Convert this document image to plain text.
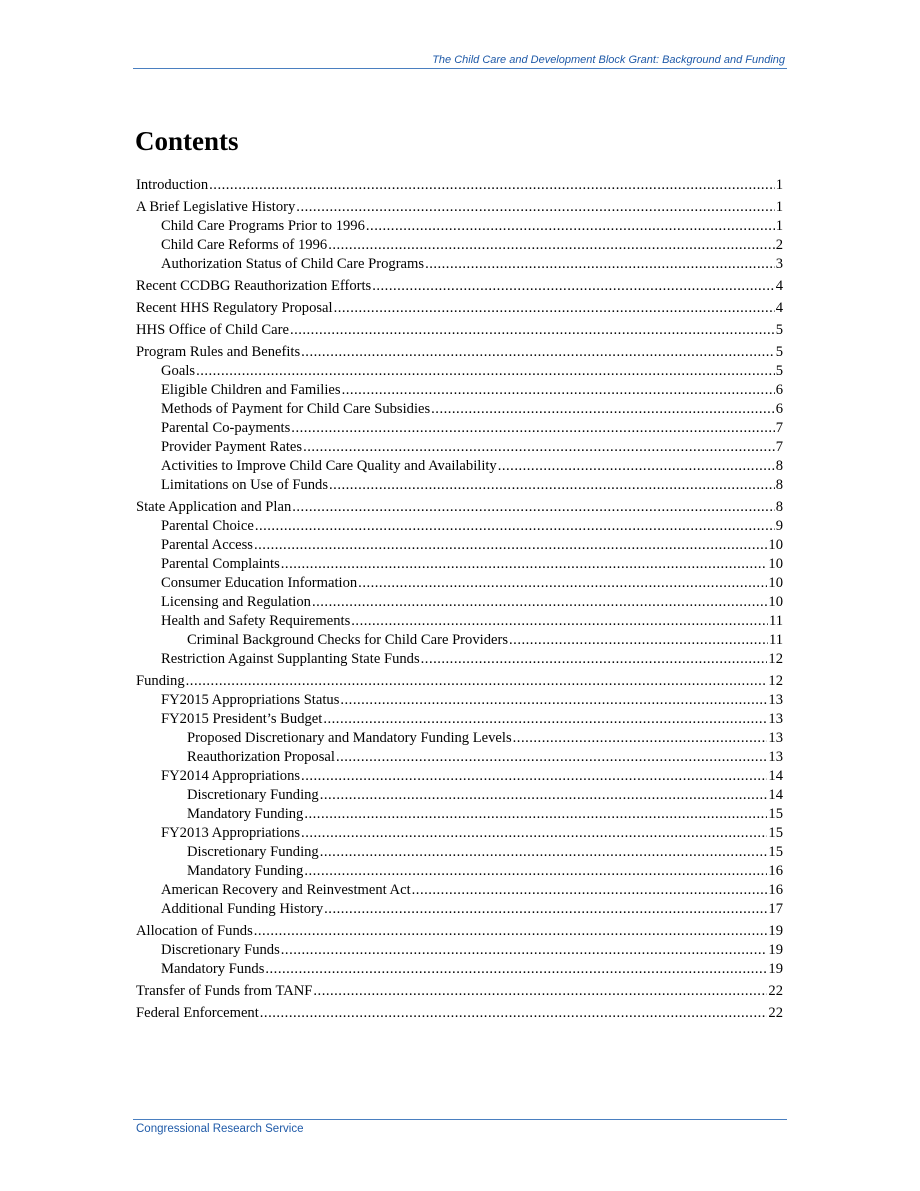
The Child Care and Development Block Grant: Background and Funding
Contents
Introduction .....	1
A Brief Legislative History .....	1
Child Care Programs Prior to 1996 .....	1
Child Care Reforms of 1996 .....	2
Authorization Status of Child Care Programs .....	3
Recent CCDBG Reauthorization Efforts .....	4
Recent HHS Regulatory Proposal .....	4
HHS Office of Child Care .....	5
Program Rules and Benefits .....	5
Goals .....	5
Eligible Children and Families .....	6
Methods of Payment for Child Care Subsidies .....	6
Parental Co-payments .....	7
Provider Payment Rates .....	7
Activities to Improve Child Care Quality and Availability .....	8
Limitations on Use of Funds .....	8
State Application and Plan .....	8
Parental Choice .....	9
Parental Access .....	10
Parental Complaints .....	10
Consumer Education Information .....	10
Licensing and Regulation .....	10
Health and Safety Requirements .....	11
Criminal Background Checks for Child Care Providers .....	11
Restriction Against Supplanting State Funds .....	12
Funding .....	12
FY2015 Appropriations Status .....	13
FY2015 President’s Budget .....	13
Proposed Discretionary and Mandatory Funding Levels .....	13
Reauthorization Proposal .....	13
FY2014 Appropriations .....	14
Discretionary Funding .....	14
Mandatory Funding .....	15
FY2013 Appropriations .....	15
Discretionary Funding .....	15
Mandatory Funding .....	16
American Recovery and Reinvestment Act .....	16
Additional Funding History .....	17
Allocation of Funds .....	19
Discretionary Funds .....	19
Mandatory Funds .....	19
Transfer of Funds from TANF .....	22
Federal Enforcement .....	22
Congressional Research Service
